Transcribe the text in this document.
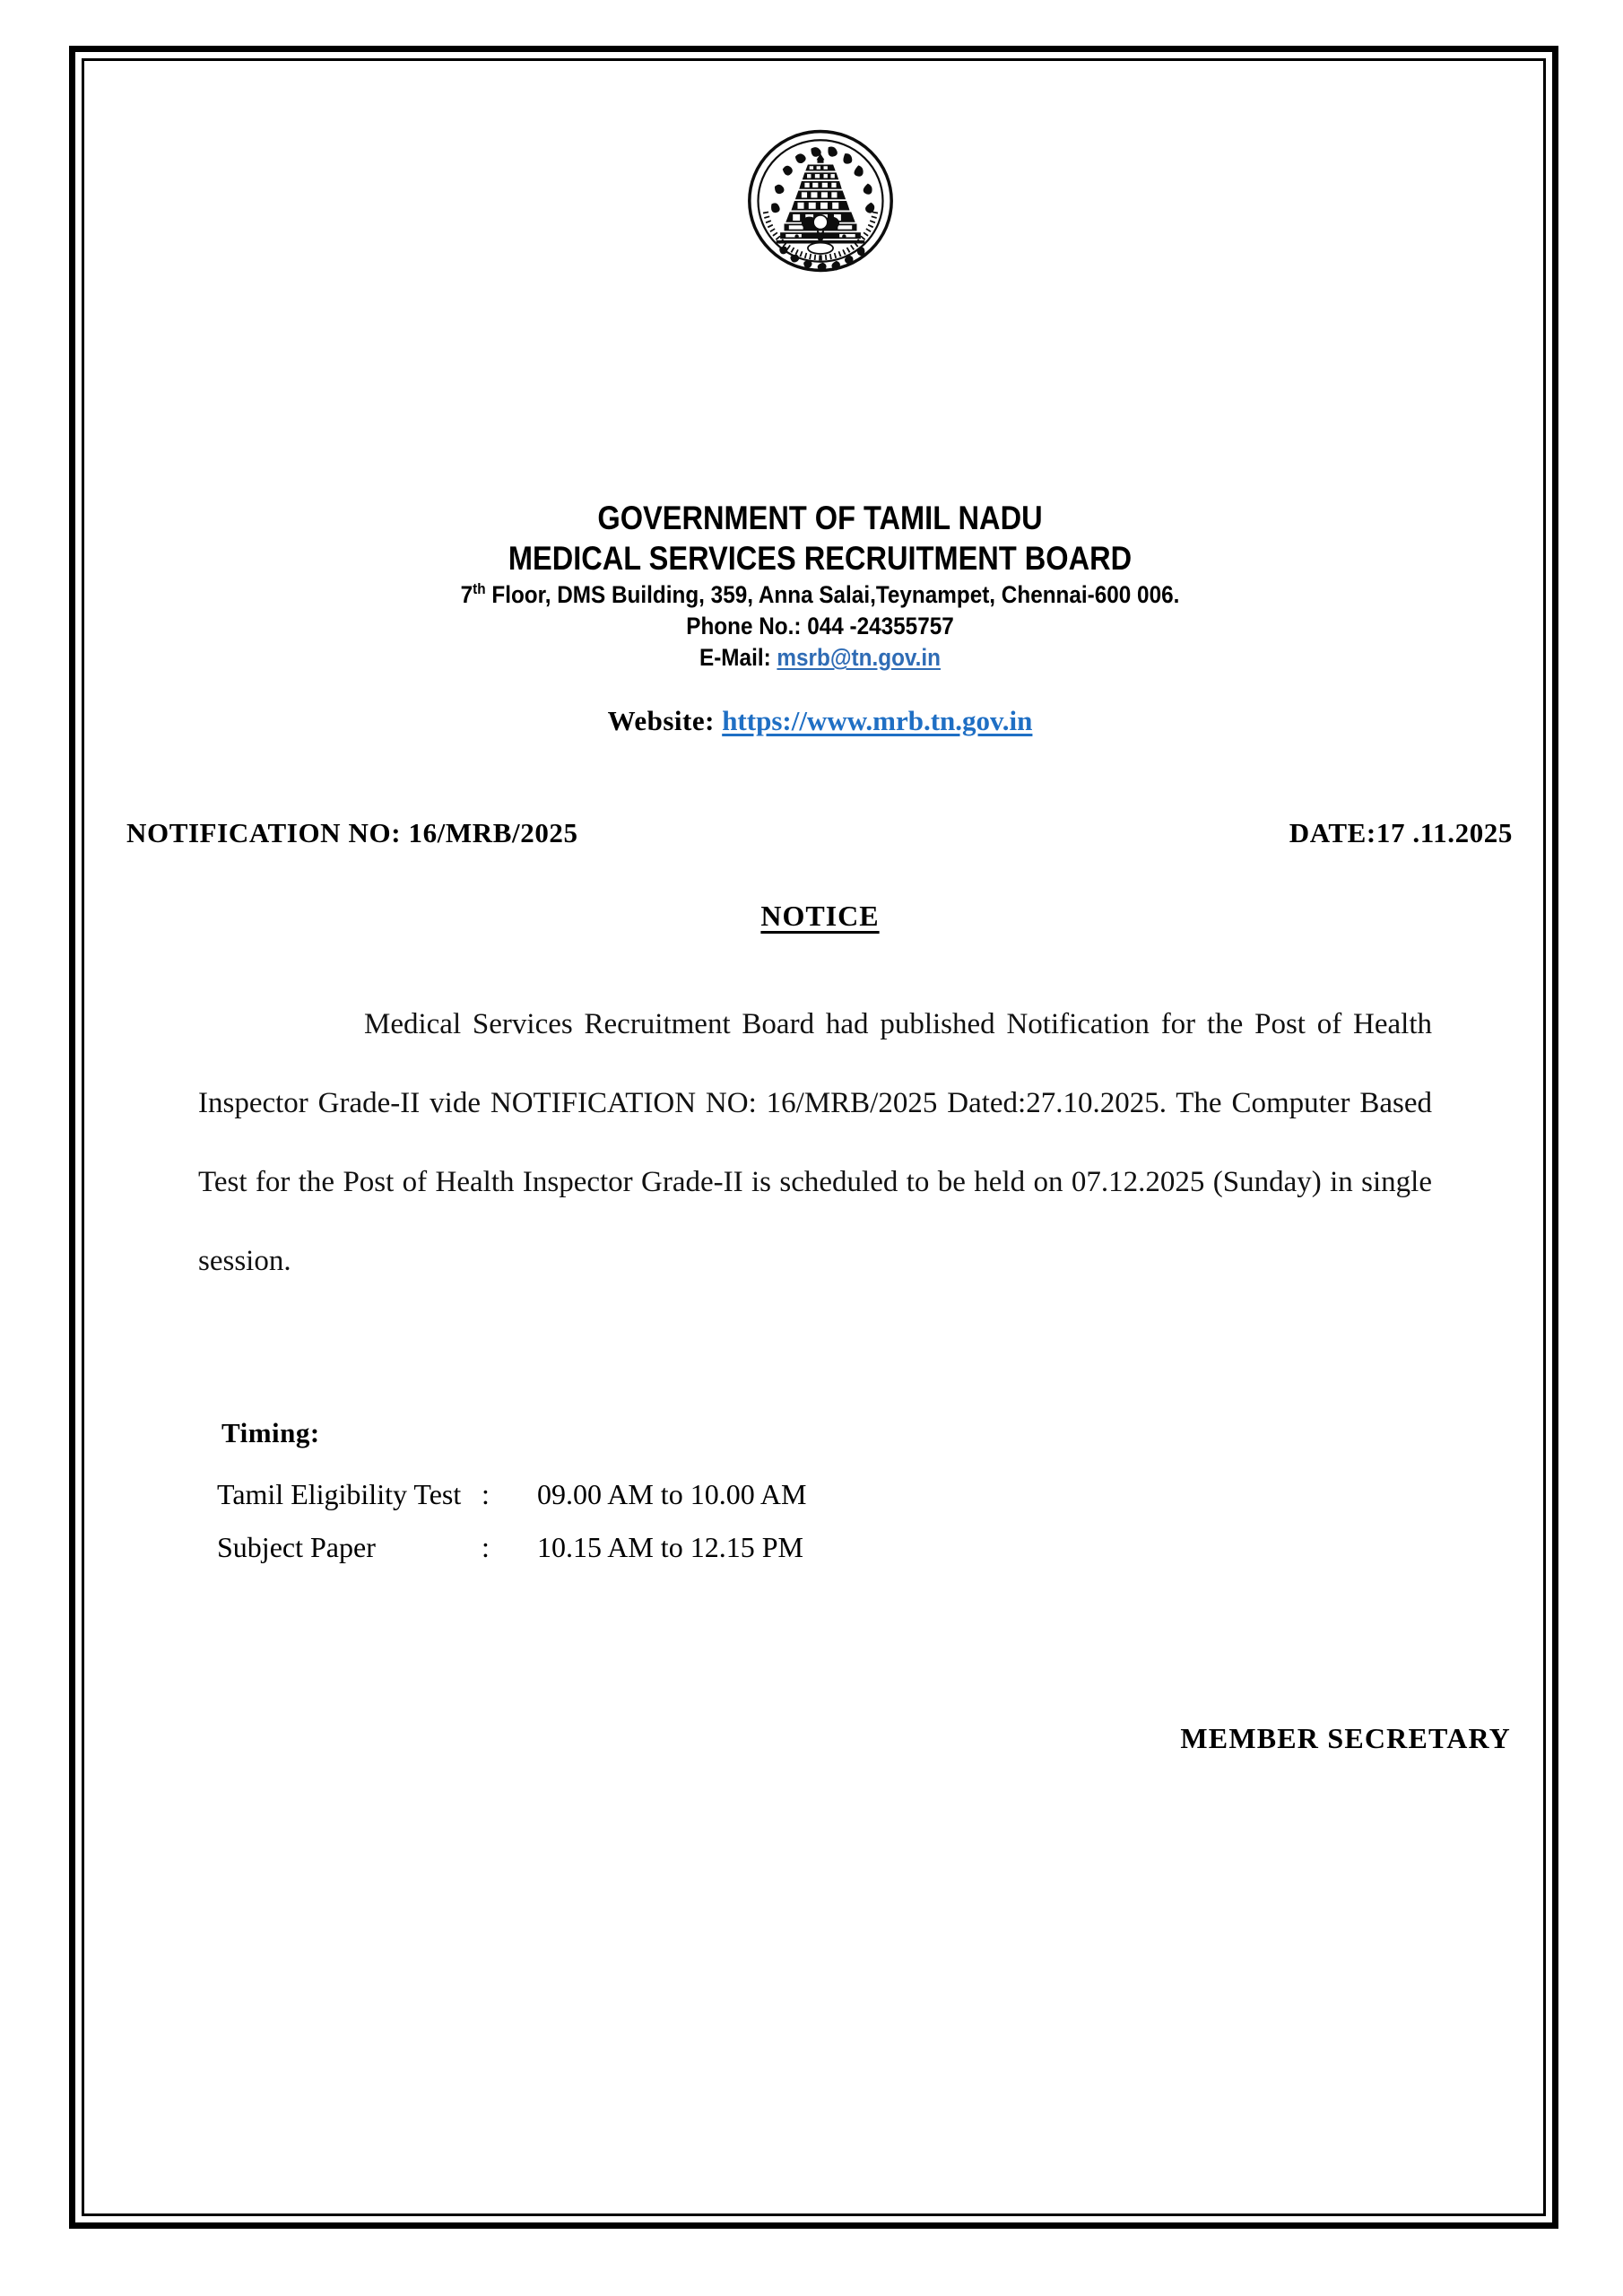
GOVERNMENT OF TAMIL NADU
MEDICAL SERVICES RECRUITMENT BOARD
7th Floor, DMS Building, 359, Anna Salai,Teynampet, Chennai-600 006.
Phone No.: 044 -24355757
E-Mail: msrb@tn.gov.in
Website: https://www.mrb.tn.gov.in
NOTIFICATION NO: 16/MRB/2025	DATE:17 .11.2025
NOTICE
Medical Services Recruitment Board had published Notification for the Post of Health Inspector Grade-II vide NOTIFICATION NO: 16/MRB/2025 Dated:27.10.2025. The Computer Based Test for the Post of Health Inspector Grade-II is scheduled to be held on 07.12.2025 (Sunday) in single session.
Timing:
Tamil Eligibility Test	:	09.00 AM to 10.00 AM
Subject Paper	:	10.15 AM to 12.15 PM
MEMBER SECRETARY
